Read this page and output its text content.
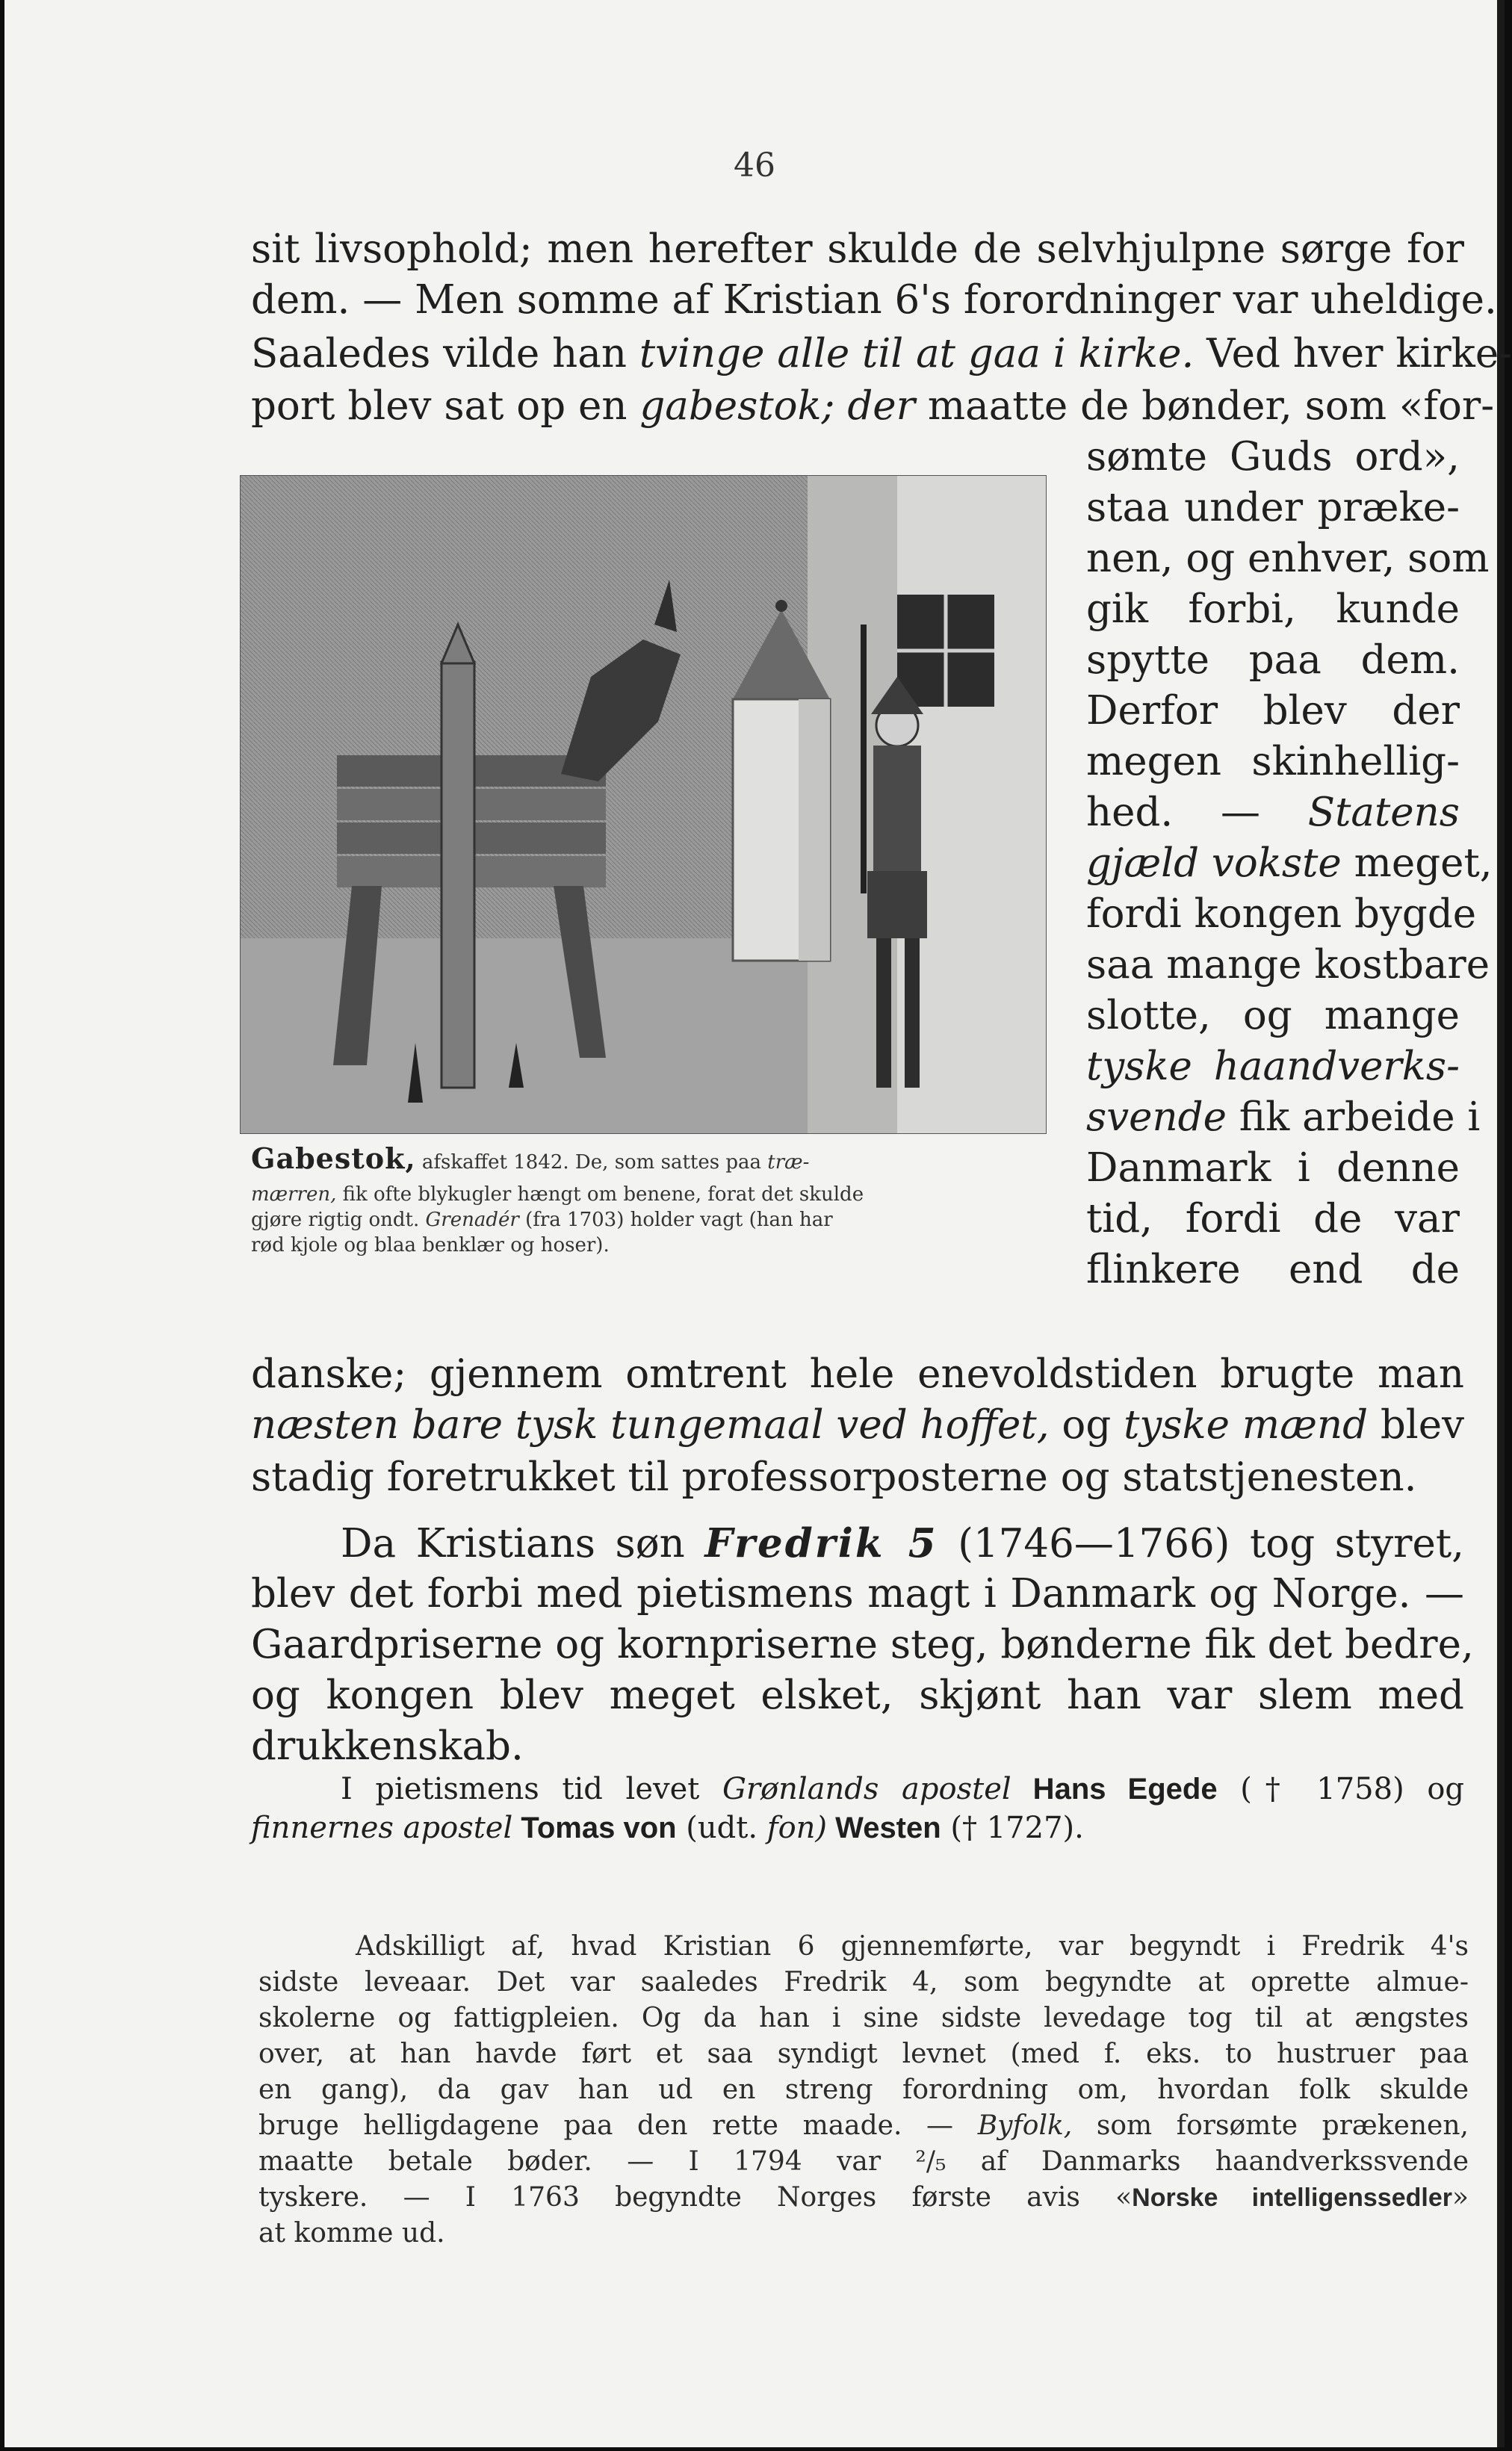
46
sit livsophold; men herefter skulde de selvhjulpne sørge for
dem. — Men somme af Kristian 6's forordninger var uheldige.
Saaledes vilde han tvinge alle til at gaa i kirke. Ved hver kirke-
port blev sat op en gabestok; der maatte de bønder, som «for-
sømte Guds ord»,
staa under præke-
nen, og enhver, som
gik forbi, kunde
spytte paa dem.
Derfor blev der
megen skinhellig-
hed. — Statens
gjæld vokste meget,
fordi kongen bygde
saa mange kostbare
slotte, og mange
tyske haandverks-
svende fik arbeide i
Danmark i denne
tid, fordi de var
flinkere end de
Gabestok, afskaffet 1842. De, som sattes paa træ-
mærren, fik ofte blykugler hængt om benene, forat det skulde
gjøre rigtig ondt. Grenadér (fra 1703) holder vagt (han har
rød kjole og blaa benklær og hoser).
danske; gjennem omtrent hele enevoldstiden brugte man
næsten bare tysk tungemaal ved hoffet, og tyske mænd blev
stadig foretrukket til professorposterne og statstjenesten.
Da Kristians søn Fredrik 5 (1746—1766) tog styret,
blev det forbi med pietismens magt i Danmark og Norge. —
Gaardpriserne og kornpriserne steg, bønderne fik det bedre,
og kongen blev meget elsket, skjønt han var slem med
drukkenskab.
I pietismens tid levet Grønlands apostel Hans Egede († 1758) og
finnernes apostel Tomas von (udt. fon) Westen († 1727).
Adskilligt af, hvad Kristian 6 gjennemførte, var begyndt i Fredrik 4's
sidste leveaar. Det var saaledes Fredrik 4, som begyndte at oprette almue-
skolerne og fattigpleien. Og da han i sine sidste levedage tog til at ængstes
over, at han havde ført et saa syndigt levnet (med f. eks. to hustruer paa
en gang), da gav han ud en streng forordning om, hvordan folk skulde
bruge helligdagene paa den rette maade. — Byfolk, som forsømte prækenen,
maatte betale bøder. — I 1794 var ²/₅ af Danmarks haandverkssvende
tyskere. — I 1763 begyndte Norges første avis «Norske intelligenssedler»
at komme ud.
